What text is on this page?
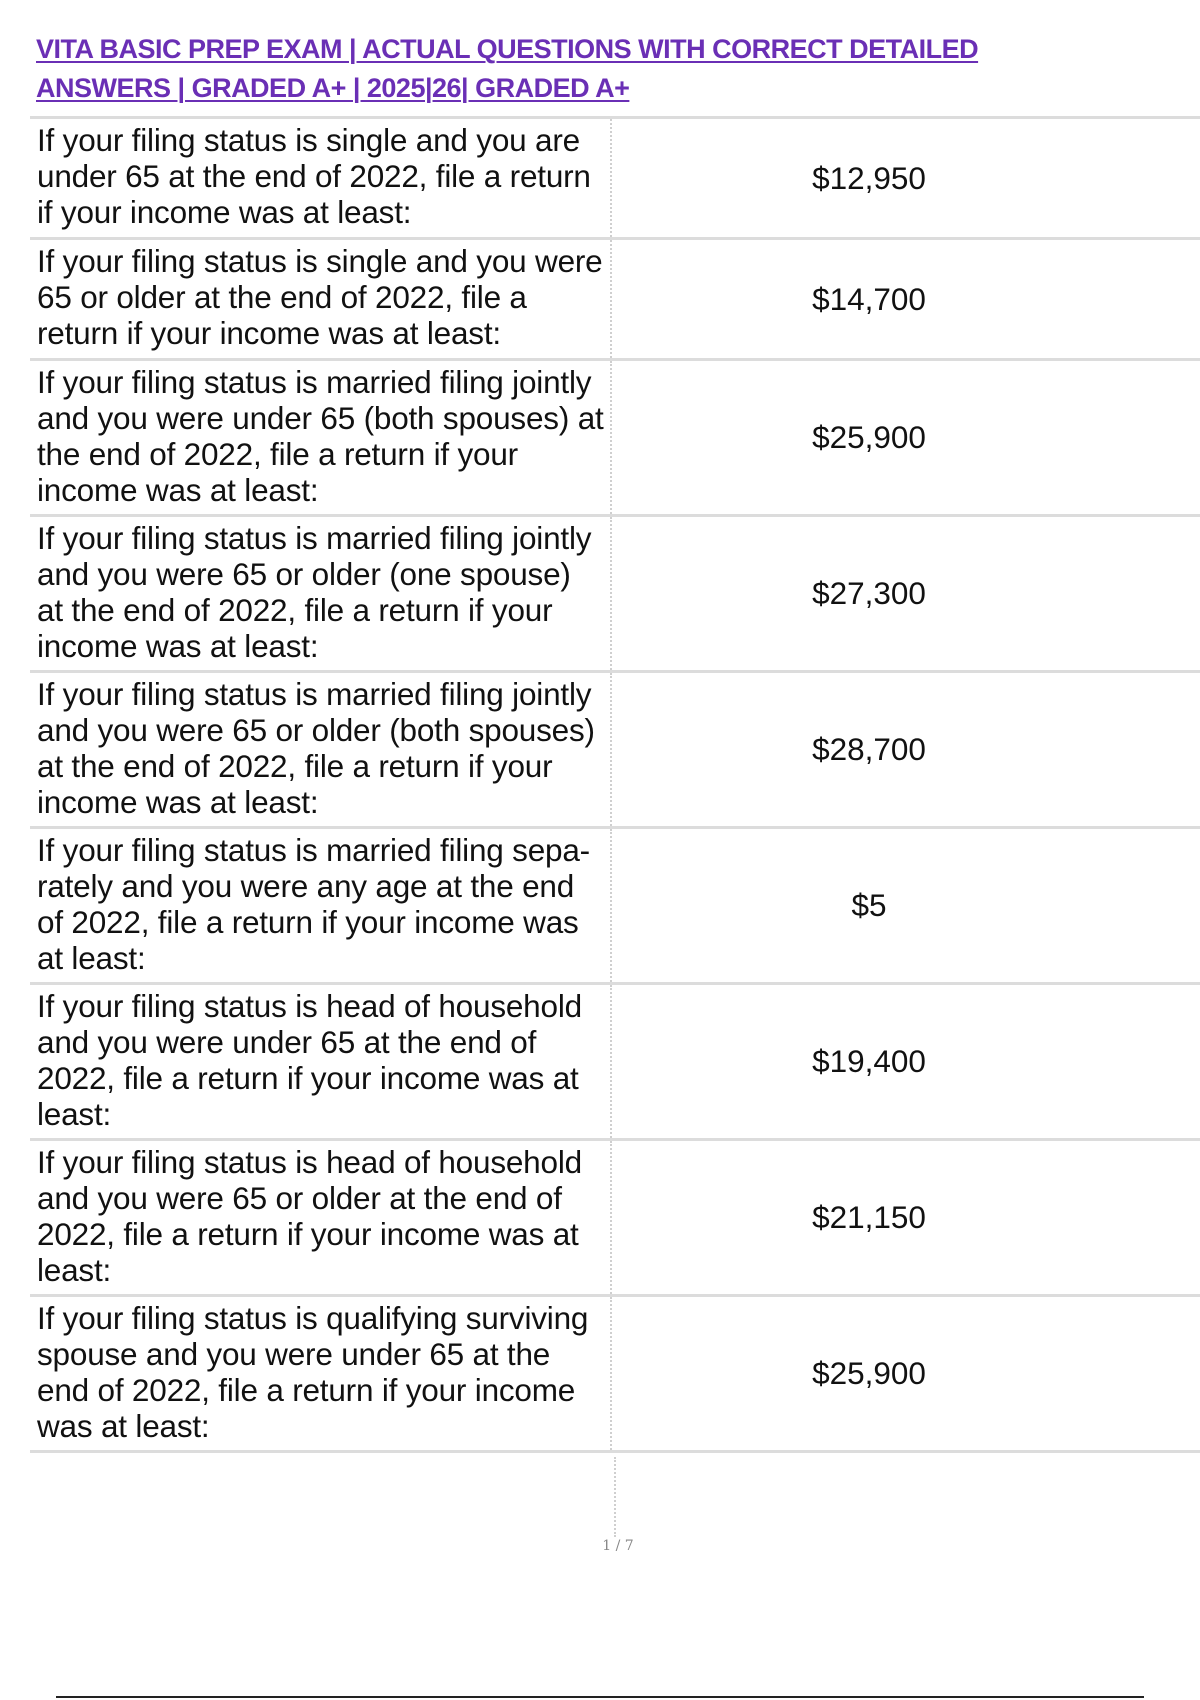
VITA BASIC PREP EXAM | ACTUAL QUESTIONS WITH CORRECT DETAILED ANSWERS | GRADED A+ | 2025|26| GRADED A+
If your filing status is single and you are under 65 at the end of 2022, file a return if your income was at least:
$12,950
If your filing status is single and you were 65 or older at the end of 2022, file a return if your income was at least:
$14,700
If your filing status is married filing jointly and you were under 65 (both spouses) at the end of 2022, file a return if your income was at least:
$25,900
If your filing status is married filing jointly and you were 65 or older (one spouse) at the end of 2022, file a return if your income was at least:
$27,300
If your filing status is married filing jointly and you were 65 or older (both spouses) at the end of 2022, file a return if your income was at least:
$28,700
If your filing status is married filing sepa- rately and you were any age at the end of 2022, file a return if your income was at least:
$5
If your filing status is head of household and you were under 65 at the end of 2022, file a return if your income was at least:
$19,400
If your filing status is head of household and you were 65 or older at the end of 2022, file a return if your income was at least:
$21,150
If your filing status is qualifying surviving spouse and you were under 65 at the end of 2022, file a return if your income was at least:
$25,900
1 / 7
